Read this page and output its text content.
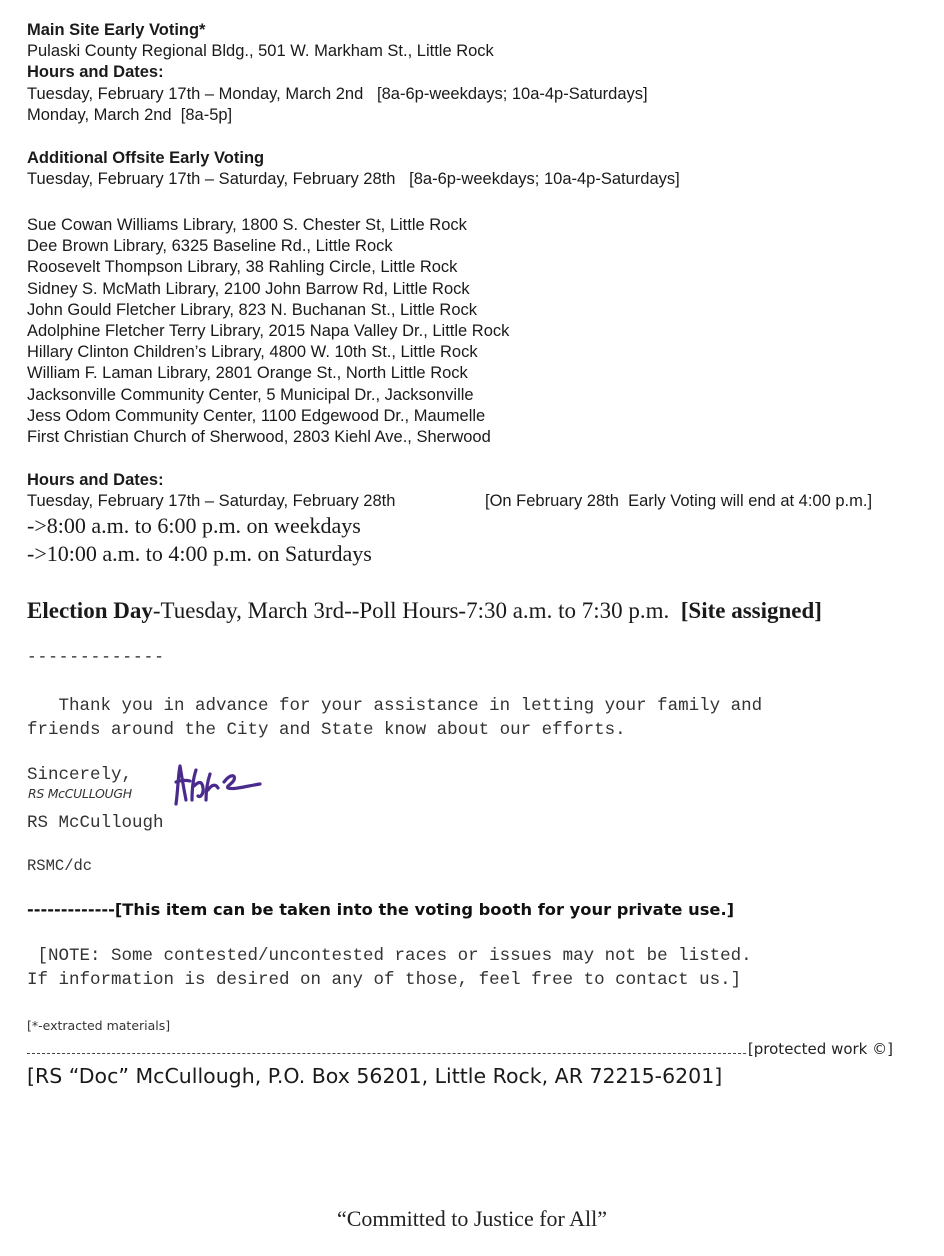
Main Site Early Voting*
Pulaski County Regional Bldg., 501 W. Markham St., Little Rock
Hours and Dates:
Tuesday, February 17th – Monday, March 2nd   [8a-6p-weekdays; 10a-4p-Saturdays]
Monday, March 2nd  [8a-5p]
Additional Offsite Early Voting
Tuesday, February 17th – Saturday, February 28th   [8a-6p-weekdays; 10a-4p-Saturdays]
Sue Cowan Williams Library, 1800 S. Chester St, Little Rock
Dee Brown Library, 6325 Baseline Rd., Little Rock
Roosevelt Thompson Library, 38 Rahling Circle, Little Rock
Sidney S. McMath Library, 2100 John Barrow Rd, Little Rock
John Gould Fletcher Library, 823 N. Buchanan St., Little Rock
Adolphine Fletcher Terry Library, 2015 Napa Valley Dr., Little Rock
Hillary Clinton Children’s Library, 4800 W. 10th St., Little Rock
William F. Laman Library, 2801 Orange St., North Little Rock
Jacksonville Community Center, 5 Municipal Dr., Jacksonville
Jess Odom Community Center, 1100 Edgewood Dr., Maumelle
First Christian Church of Sherwood, 2803 Kiehl Ave., Sherwood
Hours and Dates:
Tuesday, February 17th – Saturday, February 28th	[On February 28th  Early Voting will end at 4:00 p.m.]
->8:00 a.m. to 6:00 p.m. on weekdays
->10:00 a.m. to 4:00 p.m. on Saturdays
Election Day-Tuesday, March 3rd--Poll Hours-7:30 a.m. to 7:30 p.m.  [Site assigned]
-------------
Thank you in advance for your assistance in letting your family and
friends around the City and State know about our efforts.
Sincerely,
RS McCULLOUGH
RS McCullough
RSMC/dc
-------------[This item can be taken into the voting booth for your private use.]
[NOTE: Some contested/uncontested races or issues may not be listed.
If information is desired on any of those, feel free to contact us.]
[*-extracted materials]
[protected work ©]
[RS “Doc” McCullough, P.O. Box 56201, Little Rock, AR 72215-6201]
“Committed to Justice for All”
